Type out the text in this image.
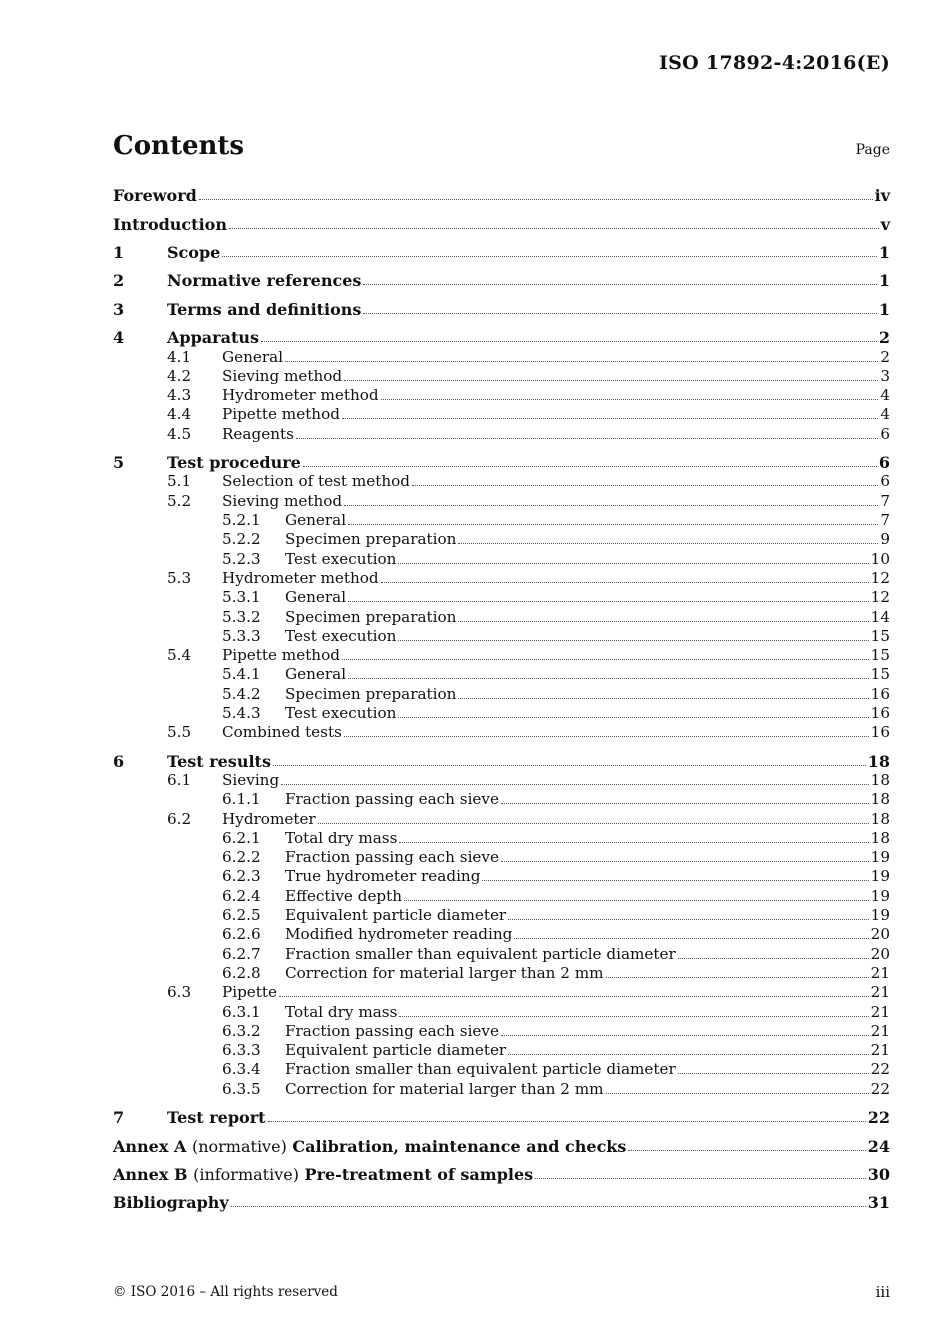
ISO 17892-4:2016(E)
Contents	Page
Foreword	iv
Introduction	v
1	Scope	1
2	Normative references	1
3	Terms and definitions	1
4	Apparatus	2
4.1	General	2
4.2	Sieving method	3
4.3	Hydrometer method	4
4.4	Pipette method	4
4.5	Reagents	6
5	Test procedure	6
5.1	Selection of test method	6
5.2	Sieving method	7
5.2.1	General	7
5.2.2	Specimen preparation	9
5.2.3	Test execution	10
5.3	Hydrometer method	12
5.3.1	General	12
5.3.2	Specimen preparation	14
5.3.3	Test execution	15
5.4	Pipette method	15
5.4.1	General	15
5.4.2	Specimen preparation	16
5.4.3	Test execution	16
5.5	Combined tests	16
6	Test results	18
6.1	Sieving	18
6.1.1	Fraction passing each sieve	18
6.2	Hydrometer	18
6.2.1	Total dry mass	18
6.2.2	Fraction passing each sieve	19
6.2.3	True hydrometer reading	19
6.2.4	Effective depth	19
6.2.5	Equivalent particle diameter	19
6.2.6	Modified hydrometer reading	20
6.2.7	Fraction smaller than equivalent particle diameter	20
6.2.8	Correction for material larger than 2 mm	21
6.3	Pipette	21
6.3.1	Total dry mass	21
6.3.2	Fraction passing each sieve	21
6.3.3	Equivalent particle diameter	21
6.3.4	Fraction smaller than equivalent particle diameter	22
6.3.5	Correction for material larger than 2 mm	22
7	Test report	22
Annex A (normative) Calibration, maintenance and checks	24
Annex B (informative) Pre-treatment of samples	30
Bibliography	31
© ISO 2016 – All rights reserved	iii
